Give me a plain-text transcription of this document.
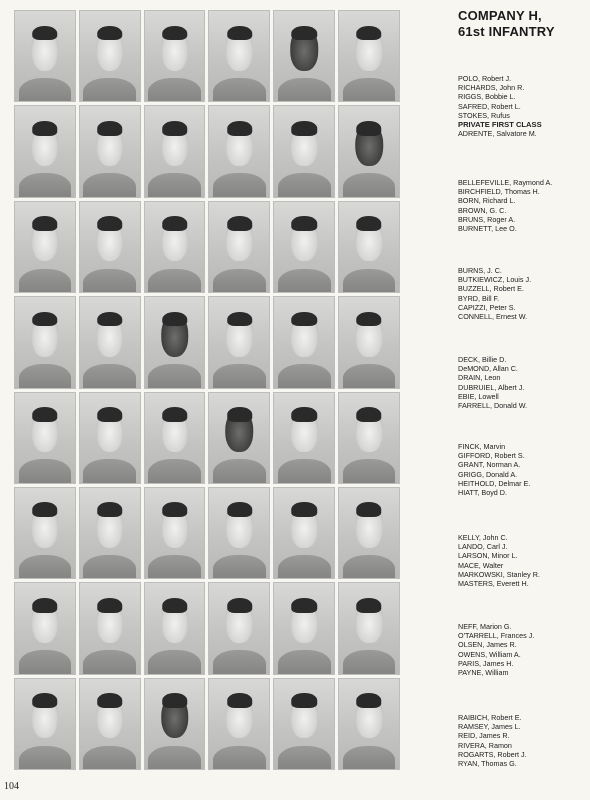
COMPANY H,
61st INFANTRY
POLO, Robert J.
RICHARDS, John R.
RIGGS, Bobbie L.
SAFRED, Robert L.
STOKES, Rufus
PRIVATE FIRST CLASS
ADRENTE, Salvatore M.
BELLEFEVILLE, Raymond A.
BIRCHFIELD, Thomas H.
BORN, Richard L.
BROWN, G. C.
BRUNS, Roger A.
BURNETT, Lee O.
BURNS, J. C.
BUTKIEWICZ, Louis J.
BUZZELL, Robert E.
BYRD, Bill F.
CAPIZZI, Peter S.
CONNELL, Ernest W.
DECK, Billie D.
DeMOND, Allan C.
DRAIN, Leon
DUBRUIEL, Albert J.
EBIE, Lowell
FARRELL, Donald W.
FINCK, Marvin
GIFFORD, Robert S.
GRANT, Norman A.
GRIGG, Donald A.
HEITHOLD, Delmar E.
HIATT, Boyd D.
KELLY, John C.
LANDO, Carl J.
LARSON, Minor L.
MACE, Walter
MARKOWSKI, Stanley R.
MASTERS, Everett H.
NEFF, Marion G.
O'TARRELL, Frances J.
OLSEN, James R.
OWENS, William A.
PARIS, James H.
PAYNE, William
RAIBICH, Robert E.
RAMSEY, James L.
REID, James R.
RIVERA, Ramon
ROGARTS, Robert J.
RYAN, Thomas G.
104
